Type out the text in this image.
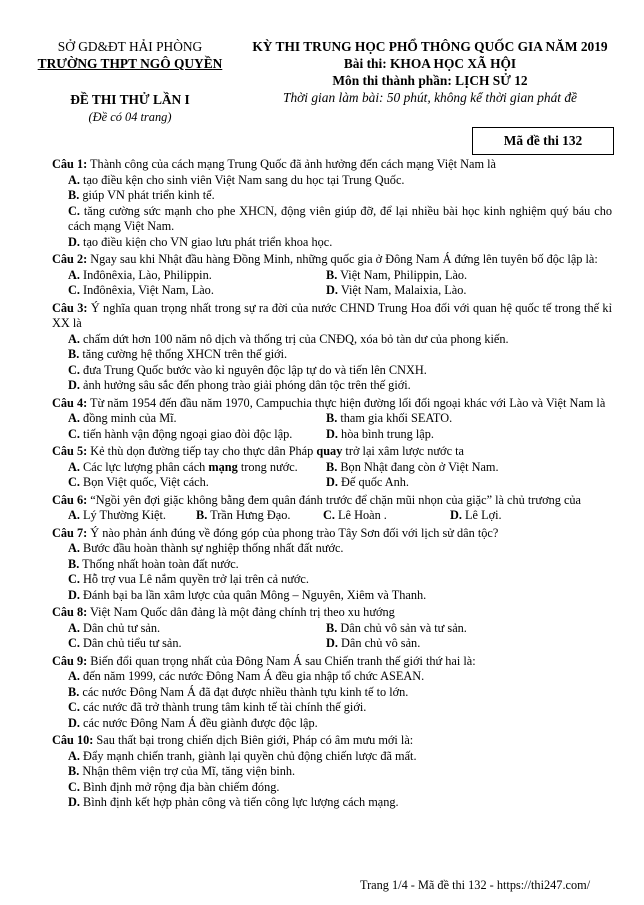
SỞ GD&ĐT HẢI PHÒNG
TRƯỜNG THPT NGÔ QUYỀN
KỲ THI TRUNG HỌC PHỔ THÔNG QUỐC GIA NĂM 2019
Bài thi: KHOA HỌC XÃ HỘI
Môn thi thành phần: LỊCH SỬ 12
Thời gian làm bài: 50 phút, không kể thời gian phát đề
ĐỀ THI THỬ LẦN I
(Đề có 04 trang)
Mã đề thi 132
Câu 1: Thành công của cách mạng Trung Quốc đã ảnh hưởng đến cách mạng Việt Nam là
A. tạo điều kện cho sinh viên Việt Nam sang du học tại Trung Quốc.
B. giúp VN phát triển kinh tế.
C. tăng cường sức mạnh cho phe XHCN, động viên giúp đỡ, để lại nhiều bài học kinh nghiệm quý báu cho cách mạng Việt Nam.
D. tạo điều kiện cho VN giao lưu phát triển khoa học.
Câu 2: Ngay sau khi Nhật đầu hàng Đồng Minh, những quốc gia ở Đông Nam Á đứng lên tuyên bố độc lập là:
A. Inđônêxia, Lào, Philippin.	B. Việt Nam, Philippin, Lào.
C. Inđônêxia, Việt Nam, Lào.	D. Việt Nam, Malaixia, Lào.
Câu 3: Ý nghĩa quan trọng nhất trong sự ra đời của nước CHND Trung Hoa đối với quan hệ quốc tế trong thế kỉ XX là
A. chấm dứt hơn 100 năm nô dịch và thống trị của CNĐQ, xóa bỏ tàn dư của phong kiến.
B. tăng cường hệ thống XHCN trên thế giới.
C. đưa Trung Quốc bước vào kỉ nguyên độc lập tự do và tiến lên CNXH.
D. ảnh hưởng sâu sắc đến phong trào giải phóng dân tộc trên thế giới.
Câu 4: Từ năm 1954 đến đầu năm 1970, Campuchia thực hiện đường lối đối ngoại khác với Lào và Việt Nam là
A. đồng minh của Mĩ.	B. tham gia khối SEATO.
C. tiến hành vận động ngoại giao đòi độc lập.	D. hòa bình trung lập.
Câu 5: Kẻ thù dọn đường tiếp tay cho thực dân Pháp quay trở lại xâm lược nước ta
A. Các lực lượng phân cách mạng trong nước.	B. Bọn Nhật đang còn ở Việt Nam.
C. Bọn Việt quốc, Việt cách.	D. Đế quốc Anh.
Câu 6: “Ngồi yên đợi giặc không bằng đem quân đánh trước để chặn mũi nhọn của giặc” là chủ trương của
A. Lý Thường Kiệt.	B. Trần Hưng Đạo.	C. Lê Hoàn .	D. Lê Lợi.
Câu 7: Ý nào phản ánh đúng về đóng góp của phong trào Tây Sơn đối với lịch sử dân tộc?
A. Bước đầu hoàn thành sự nghiệp thống nhất đất nước.
B. Thống nhất hoàn toàn đất nước.
C. Hỗ trợ vua Lê nắm quyền trở lại trên cả nước.
D. Đánh bại ba lần xâm lược của quân Mông – Nguyên, Xiêm và Thanh.
Câu 8: Việt Nam Quốc dân đảng là một đảng chính trị theo xu hướng
A. Dân chủ tư sản.	B. Dân chủ vô sản và tư sản.
C. Dân chủ tiểu tư sản.	D. Dân chủ vô sản.
Câu 9: Biến đổi quan trọng nhất của Đông Nam Á sau Chiến tranh thế giới thứ hai là:
A. đến năm 1999, các nước Đông Nam Á đều gia nhập tổ chức ASEAN.
B. các nước Đông Nam Á đã đạt được nhiều thành tựu kinh tế to lớn.
C. các nước đã trở thành trung tâm kinh tế tài chính thế giới.
D. các nước Đông Nam Á đều giành được độc lập.
Câu 10: Sau thất bại trong chiến dịch Biên giới, Pháp có âm mưu mới là:
A. Đẩy mạnh chiến tranh, giành lại quyền chủ động chiến lược đã mất.
B. Nhận thêm viện trợ của Mĩ, tăng viện binh.
C. Bình định mở rộng địa bàn chiếm đóng.
D. Bình định kết hợp phản công và tiến công lực lượng cách mạng.
Trang 1/4 - Mã đề thi 132 - https://thi247.com/
